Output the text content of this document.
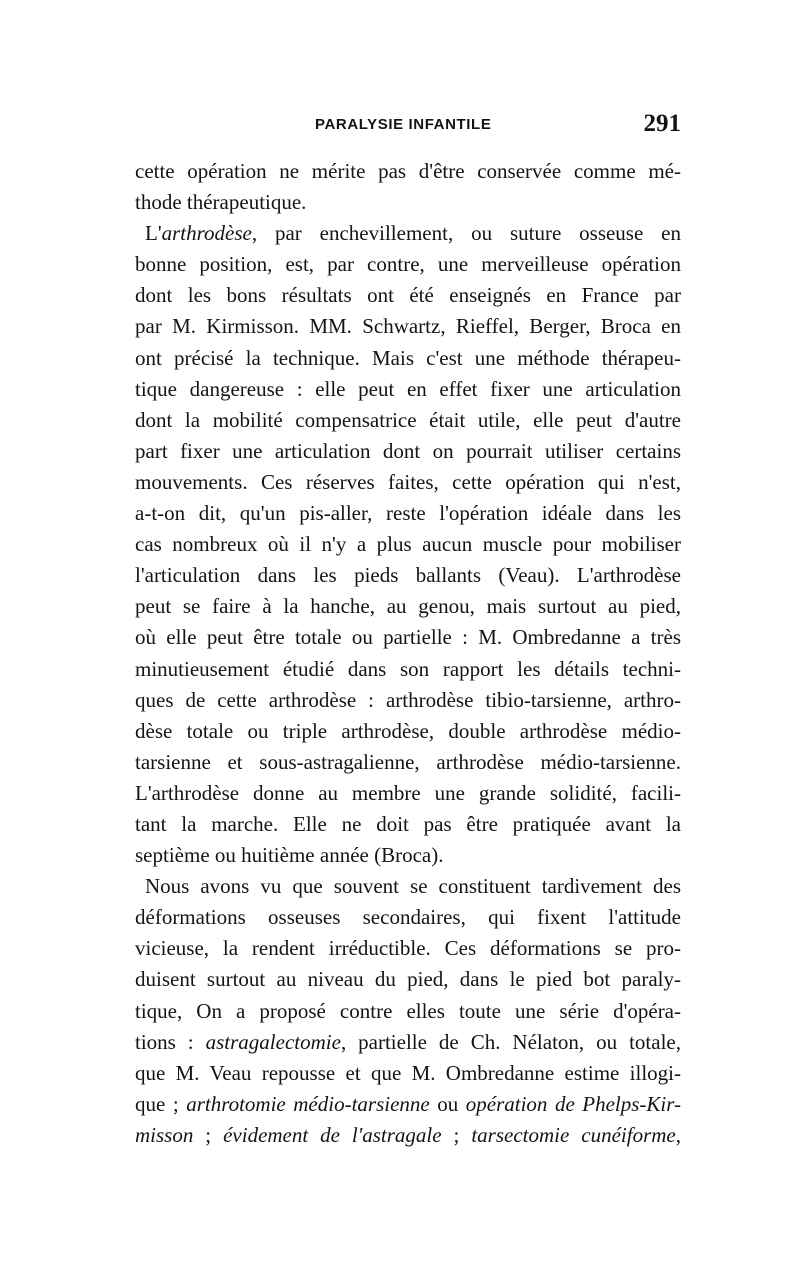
PARALYSIE INFANTILE	291
cette opération ne mérite pas d'être conservée comme mé-
thode thérapeutique.
L'arthrodèse, par enchevillement, ou suture osseuse en
bonne position, est, par contre, une merveilleuse opération
dont les bons résultats ont été enseignés en France par
par M. Kirmisson. MM. Schwartz, Rieffel, Berger, Broca en
ont précisé la technique. Mais c'est une méthode thérapeu-
tique dangereuse : elle peut en effet fixer une articulation
dont la mobilité compensatrice était utile, elle peut d'autre
part fixer une articulation dont on pourrait utiliser certains
mouvements. Ces réserves faites, cette opération qui n'est,
a-t-on dit, qu'un pis-aller, reste l'opération idéale dans les
cas nombreux où il n'y a plus aucun muscle pour mobiliser
l'articulation dans les pieds ballants (Veau). L'arthrodèse
peut se faire à la hanche, au genou, mais surtout au pied,
où elle peut être totale ou partielle : M. Ombredanne a très
minutieusement étudié dans son rapport les détails techni-
ques de cette arthrodèse : arthrodèse tibio-tarsienne, arthro-
dèse totale ou triple arthrodèse, double arthrodèse médio-
tarsienne et sous-astragalienne, arthrodèse médio-tarsienne.
L'arthrodèse donne au membre une grande solidité, facili-
tant la marche. Elle ne doit pas être pratiquée avant la
septième ou huitième année (Broca).
Nous avons vu que souvent se constituent tardivement des
déformations osseuses secondaires, qui fixent l'attitude
vicieuse, la rendent irréductible. Ces déformations se pro-
duisent surtout au niveau du pied, dans le pied bot paraly-
tique, On a proposé contre elles toute une série d'opéra-
tions : astragalectomie, partielle de Ch. Nélaton, ou totale,
que M. Veau repousse et que M. Ombredanne estime illogi-
que ; arthrotomie médio-tarsienne ou opération de Phelps-Kir-
misson ; évidement de l'astragale ; tarsectomie cunéiforme,
